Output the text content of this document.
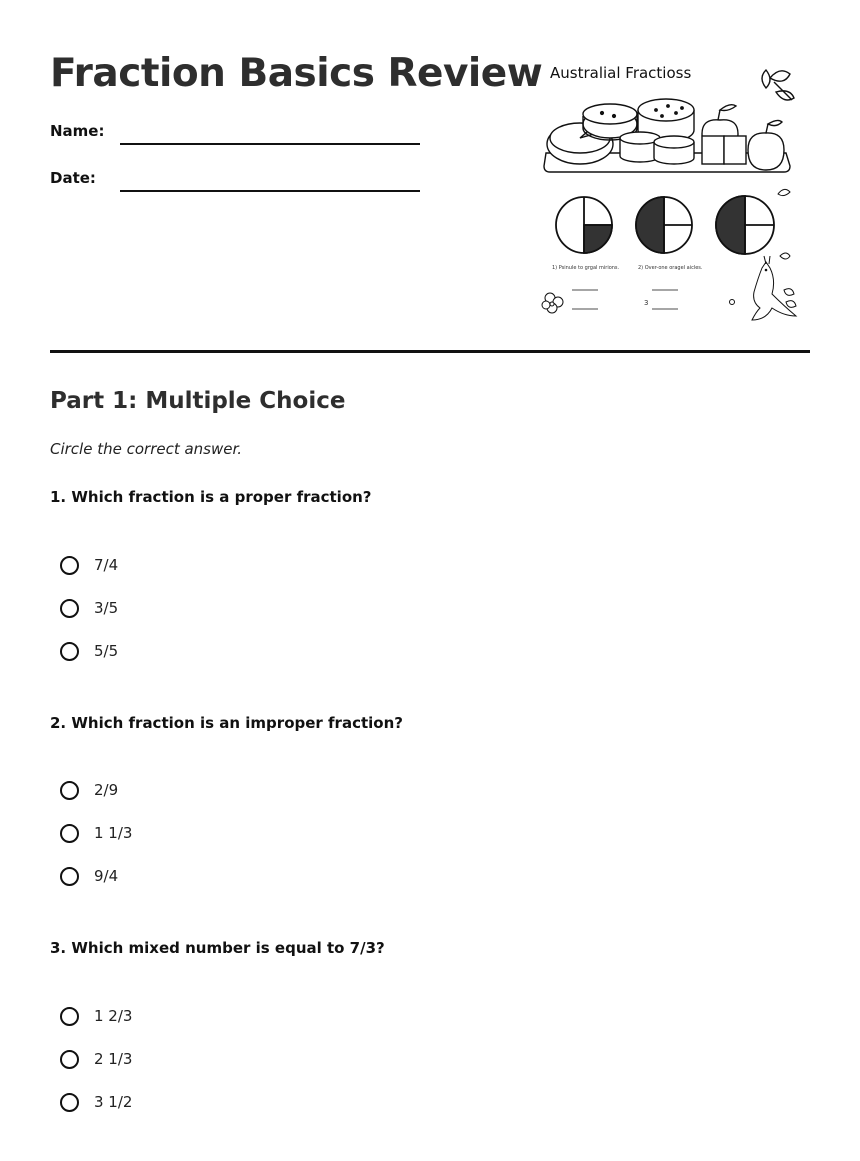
Fraction Basics Review
Name:
Date:
Australial Fractioss
1) Psinule to grgal mirions.	2) Over-one oragel aicles.
3
Part 1: Multiple Choice
Circle the correct answer.
1. Which fraction is a proper fraction?
7/4
3/5
5/5
2. Which fraction is an improper fraction?
2/9
1 1/3
9/4
3. Which mixed number is equal to 7/3?
1 2/3
2 1/3
3 1/2
